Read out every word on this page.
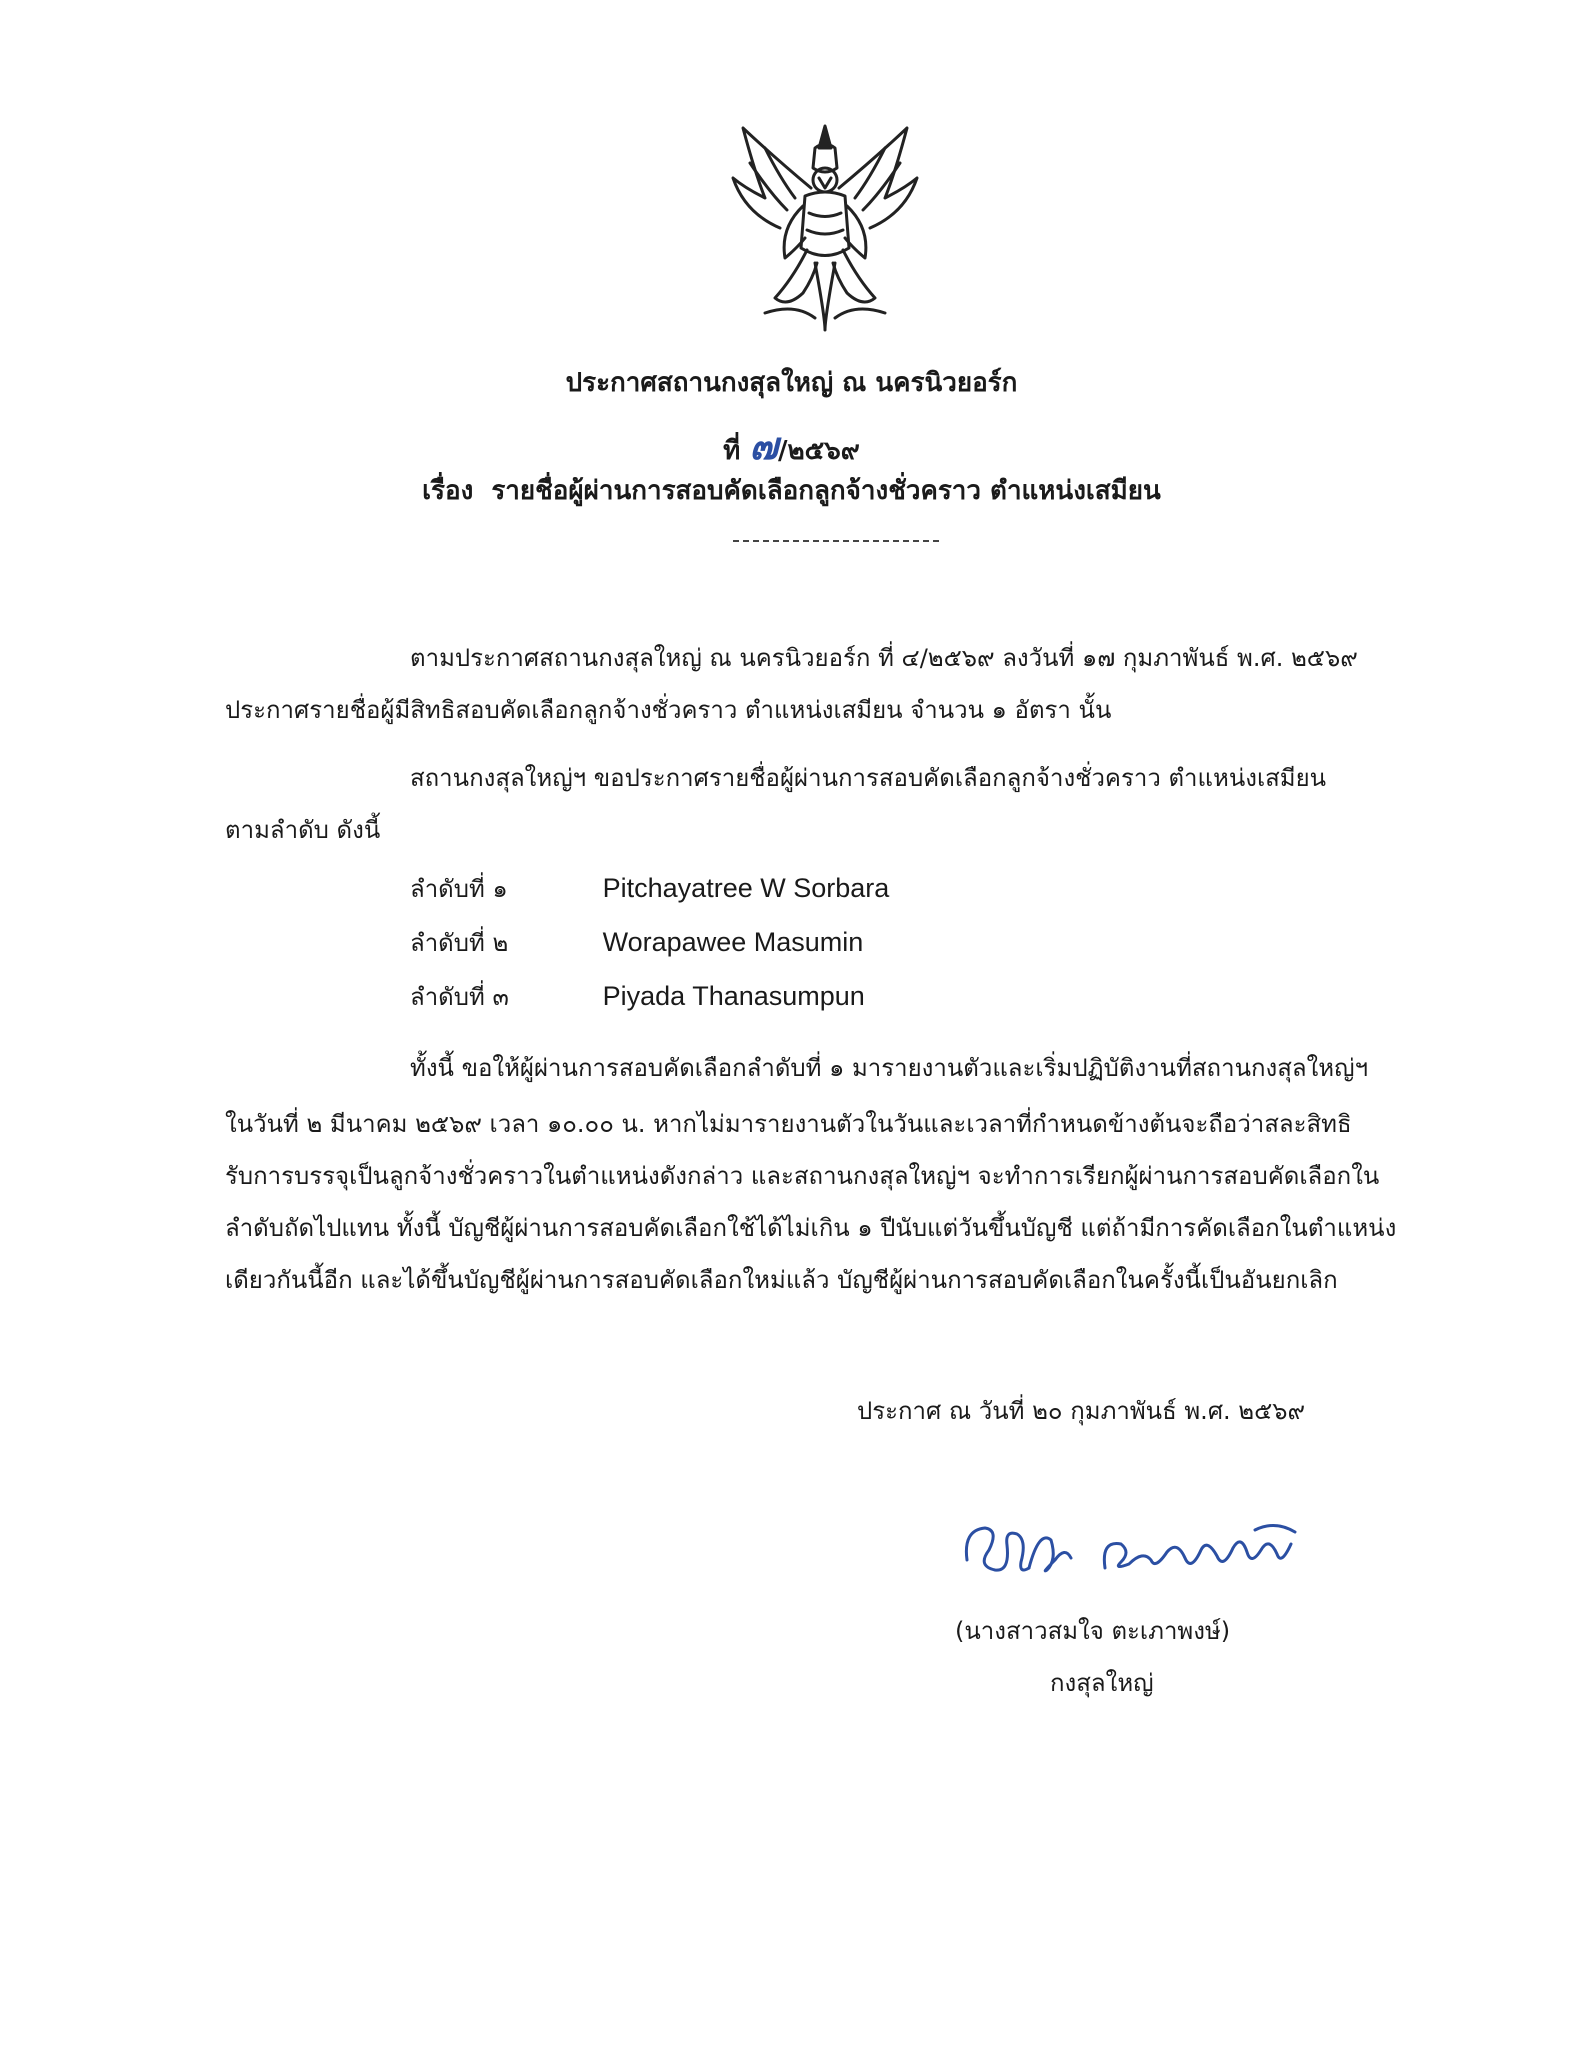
ประกาศสถานกงสุลใหญ่ ณ นครนิวยอร์ก
ที่ ๗/๒๕๖๙
เรื่อง รายชื่อผู้ผ่านการสอบคัดเลือกลูกจ้างชั่วคราว ตำแหน่งเสมียน
ตามประกาศสถานกงสุลใหญ่ ณ นครนิวยอร์ก ที่ ๔/๒๕๖๙ ลงวันที่ ๑๗ กุมภาพันธ์ พ.ศ. ๒๕๖๙
ประกาศรายชื่อผู้มีสิทธิสอบคัดเลือกลูกจ้างชั่วคราว ตำแหน่งเสมียน จำนวน ๑ อัตรา นั้น
สถานกงสุลใหญ่ฯ ขอประกาศรายชื่อผู้ผ่านการสอบคัดเลือกลูกจ้างชั่วคราว ตำแหน่งเสมียน
ตามลำดับ ดังนี้
ลำดับที่ ๑	Pitchayatree W Sorbara
ลำดับที่ ๒	Worapawee Masumin
ลำดับที่ ๓	Piyada Thanasumpun
ทั้งนี้ ขอให้ผู้ผ่านการสอบคัดเลือกลำดับที่ ๑ มารายงานตัวและเริ่มปฏิบัติงานที่สถานกงสุลใหญ่ฯ
ในวันที่ ๒ มีนาคม ๒๕๖๙ เวลา ๑๐.๐๐ น. หากไม่มารายงานตัวในวันและเวลาที่กำหนดข้างต้นจะถือว่าสละสิทธิ
รับการบรรจุเป็นลูกจ้างชั่วคราวในตำแหน่งดังกล่าว และสถานกงสุลใหญ่ฯ จะทำการเรียกผู้ผ่านการสอบคัดเลือกใน
ลำดับถัดไปแทน ทั้งนี้ บัญชีผู้ผ่านการสอบคัดเลือกใช้ได้ไม่เกิน ๑ ปีนับแต่วันขึ้นบัญชี แต่ถ้ามีการคัดเลือกในตำแหน่ง
เดียวกันนี้อีก และได้ขึ้นบัญชีผู้ผ่านการสอบคัดเลือกใหม่แล้ว บัญชีผู้ผ่านการสอบคัดเลือกในครั้งนี้เป็นอันยกเลิก
ประกาศ ณ วันที่ ๒๐ กุมภาพันธ์ พ.ศ. ๒๕๖๙
(นางสาวสมใจ ตะเภาพงษ์)
กงสุลใหญ่
